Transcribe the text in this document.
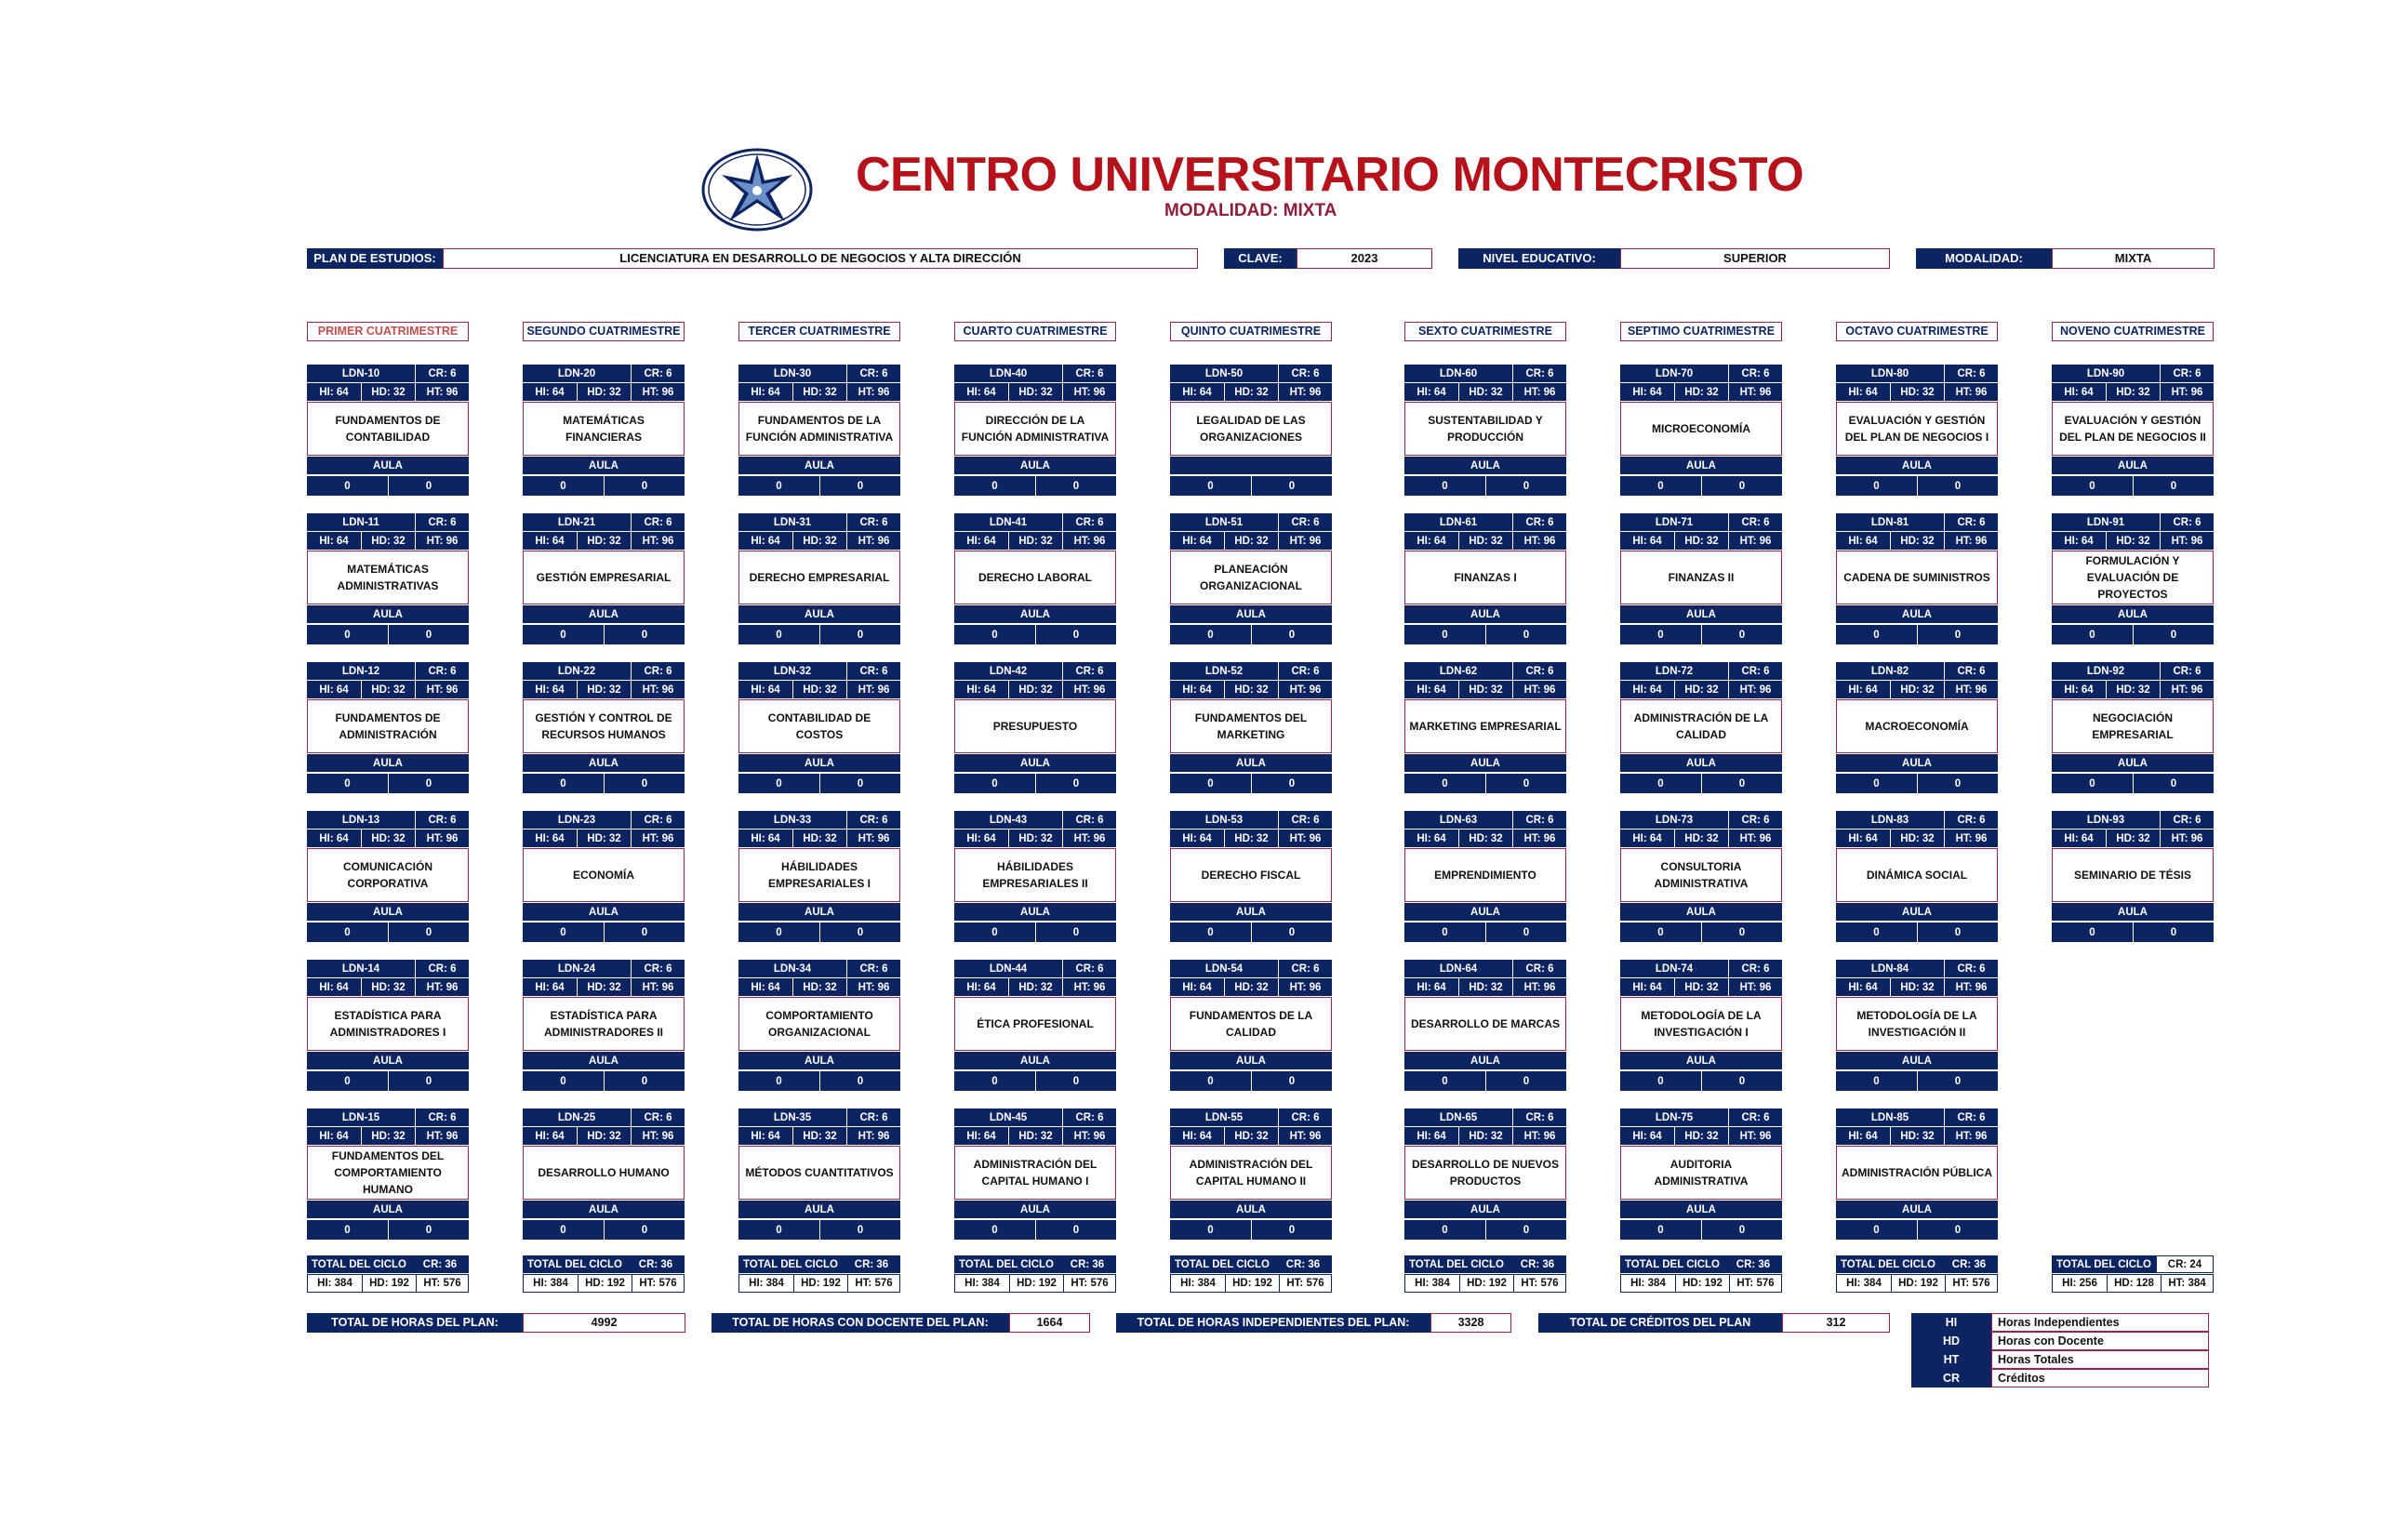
CENTRO UNIVERSITARIO MONTECRISTO
MODALIDAD: MIXTA
PLAN DE ESTUDIOS:	LICENCIATURA EN DESARROLLO DE NEGOCIOS Y ALTA DIRECCIÓN	CLAVE:	2023	NIVEL EDUCATIVO:	SUPERIOR	MODALIDAD:	MIXTA
PRIMER CUATRIMESTRE
LDN-10	CR: 6
HI: 64	HD: 32	HT: 96
FUNDAMENTOS DE CONTABILIDAD
AULA
0	0
LDN-11	CR: 6
HI: 64	HD: 32	HT: 96
MATEMÁTICAS ADMINISTRATIVAS
AULA
0	0
LDN-12	CR: 6
HI: 64	HD: 32	HT: 96
FUNDAMENTOS DE ADMINISTRACIÓN
AULA
0	0
LDN-13	CR: 6
HI: 64	HD: 32	HT: 96
COMUNICACIÓN CORPORATIVA
AULA
0	0
LDN-14	CR: 6
HI: 64	HD: 32	HT: 96
ESTADÍSTICA PARA ADMINISTRADORES I
AULA
0	0
LDN-15	CR: 6
HI: 64	HD: 32	HT: 96
FUNDAMENTOS DEL COMPORTAMIENTO HUMANO
AULA
0	0
TOTAL DEL CICLO	CR: 36
HI: 384	HD: 192	HT: 576
SEGUNDO CUATRIMESTRE
LDN-20	CR: 6
HI: 64	HD: 32	HT: 96
MATEMÁTICAS FINANCIERAS
AULA
0	0
LDN-21	CR: 6
HI: 64	HD: 32	HT: 96
GESTIÓN EMPRESARIAL
AULA
0	0
LDN-22	CR: 6
HI: 64	HD: 32	HT: 96
GESTIÓN Y CONTROL DE RECURSOS HUMANOS
AULA
0	0
LDN-23	CR: 6
HI: 64	HD: 32	HT: 96
ECONOMÍA
AULA
0	0
LDN-24	CR: 6
HI: 64	HD: 32	HT: 96
ESTADÍSTICA PARA ADMINISTRADORES II
AULA
0	0
LDN-25	CR: 6
HI: 64	HD: 32	HT: 96
DESARROLLO HUMANO
AULA
0	0
TOTAL DEL CICLO	CR: 36
HI: 384	HD: 192	HT: 576
TERCER CUATRIMESTRE
LDN-30	CR: 6
HI: 64	HD: 32	HT: 96
FUNDAMENTOS DE LA FUNCIÓN ADMINISTRATIVA
AULA
0	0
LDN-31	CR: 6
HI: 64	HD: 32	HT: 96
DERECHO EMPRESARIAL
AULA
0	0
LDN-32	CR: 6
HI: 64	HD: 32	HT: 96
CONTABILIDAD DE COSTOS
AULA
0	0
LDN-33	CR: 6
HI: 64	HD: 32	HT: 96
HÁBILIDADES EMPRESARIALES I
AULA
0	0
LDN-34	CR: 6
HI: 64	HD: 32	HT: 96
COMPORTAMIENTO ORGANIZACIONAL
AULA
0	0
LDN-35	CR: 6
HI: 64	HD: 32	HT: 96
MÉTODOS CUANTITATIVOS
AULA
0	0
TOTAL DEL CICLO	CR: 36
HI: 384	HD: 192	HT: 576
CUARTO CUATRIMESTRE
LDN-40	CR: 6
HI: 64	HD: 32	HT: 96
DIRECCIÓN DE LA FUNCIÓN ADMINISTRATIVA
AULA
0	0
LDN-41	CR: 6
HI: 64	HD: 32	HT: 96
DERECHO LABORAL
AULA
0	0
LDN-42	CR: 6
HI: 64	HD: 32	HT: 96
PRESUPUESTO
AULA
0	0
LDN-43	CR: 6
HI: 64	HD: 32	HT: 96
HÁBILIDADES EMPRESARIALES II
AULA
0	0
LDN-44	CR: 6
HI: 64	HD: 32	HT: 96
ÉTICA PROFESIONAL
AULA
0	0
LDN-45	CR: 6
HI: 64	HD: 32	HT: 96
ADMINISTRACIÓN DEL CAPITAL HUMANO I
AULA
0	0
TOTAL DEL CICLO	CR: 36
HI: 384	HD: 192	HT: 576
QUINTO CUATRIMESTRE
LDN-50	CR: 6
HI: 64	HD: 32	HT: 96
LEGALIDAD DE LAS ORGANIZACIONES
0	0
LDN-51	CR: 6
HI: 64	HD: 32	HT: 96
PLANEACIÓN ORGANIZACIONAL
AULA
0	0
LDN-52	CR: 6
HI: 64	HD: 32	HT: 96
FUNDAMENTOS DEL MARKETING
AULA
0	0
LDN-53	CR: 6
HI: 64	HD: 32	HT: 96
DERECHO FISCAL
AULA
0	0
LDN-54	CR: 6
HI: 64	HD: 32	HT: 96
FUNDAMENTOS DE LA CALIDAD
AULA
0	0
LDN-55	CR: 6
HI: 64	HD: 32	HT: 96
ADMINISTRACIÓN DEL CAPITAL HUMANO II
AULA
0	0
TOTAL DEL CICLO	CR: 36
HI: 384	HD: 192	HT: 576
SEXTO CUATRIMESTRE
LDN-60	CR: 6
HI: 64	HD: 32	HT: 96
SUSTENTABILIDAD Y PRODUCCIÓN
AULA
0	0
LDN-61	CR: 6
HI: 64	HD: 32	HT: 96
FINANZAS I
AULA
0	0
LDN-62	CR: 6
HI: 64	HD: 32	HT: 96
MARKETING EMPRESARIAL
AULA
0	0
LDN-63	CR: 6
HI: 64	HD: 32	HT: 96
EMPRENDIMIENTO
AULA
0	0
LDN-64	CR: 6
HI: 64	HD: 32	HT: 96
DESARROLLO DE MARCAS
AULA
0	0
LDN-65	CR: 6
HI: 64	HD: 32	HT: 96
DESARROLLO DE NUEVOS PRODUCTOS
AULA
0	0
TOTAL DEL CICLO	CR: 36
HI: 384	HD: 192	HT: 576
SEPTIMO CUATRIMESTRE
LDN-70	CR: 6
HI: 64	HD: 32	HT: 96
MICROECONOMÍA
AULA
0	0
LDN-71	CR: 6
HI: 64	HD: 32	HT: 96
FINANZAS II
AULA
0	0
LDN-72	CR: 6
HI: 64	HD: 32	HT: 96
ADMINISTRACIÓN DE LA CALIDAD
AULA
0	0
LDN-73	CR: 6
HI: 64	HD: 32	HT: 96
CONSULTORIA ADMINISTRATIVA
AULA
0	0
LDN-74	CR: 6
HI: 64	HD: 32	HT: 96
METODOLOGÍA DE LA INVESTIGACIÓN I
AULA
0	0
LDN-75	CR: 6
HI: 64	HD: 32	HT: 96
AUDITORIA ADMINISTRATIVA
AULA
0	0
TOTAL DEL CICLO	CR: 36
HI: 384	HD: 192	HT: 576
OCTAVO CUATRIMESTRE
LDN-80	CR: 6
HI: 64	HD: 32	HT: 96
EVALUACIÓN Y GESTIÓN DEL PLAN DE NEGOCIOS I
AULA
0	0
LDN-81	CR: 6
HI: 64	HD: 32	HT: 96
CADENA DE SUMINISTROS
AULA
0	0
LDN-82	CR: 6
HI: 64	HD: 32	HT: 96
MACROECONOMÍA
AULA
0	0
LDN-83	CR: 6
HI: 64	HD: 32	HT: 96
DINÁMICA SOCIAL
AULA
0	0
LDN-84	CR: 6
HI: 64	HD: 32	HT: 96
METODOLOGÍA DE LA INVESTIGACIÓN II
AULA
0	0
LDN-85	CR: 6
HI: 64	HD: 32	HT: 96
ADMINISTRACIÓN PÚBLICA
AULA
0	0
TOTAL DEL CICLO	CR: 36
HI: 384	HD: 192	HT: 576
NOVENO CUATRIMESTRE
LDN-90	CR: 6
HI: 64	HD: 32	HT: 96
EVALUACIÓN Y GESTIÓN DEL PLAN DE NEGOCIOS II
AULA
0	0
LDN-91	CR: 6
HI: 64	HD: 32	HT: 96
FORMULACIÓN Y EVALUACIÓN DE PROYECTOS
AULA
0	0
LDN-92	CR: 6
HI: 64	HD: 32	HT: 96
NEGOCIACIÓN EMPRESARIAL
AULA
0	0
LDN-93	CR: 6
HI: 64	HD: 32	HT: 96
SEMINARIO DE TÉSIS
AULA
0	0
TOTAL DEL CICLO	CR: 24
HI: 256	HD: 128	HT: 384
TOTAL DE HORAS DEL PLAN:	4992	TOTAL DE HORAS CON DOCENTE DEL PLAN:	1664	TOTAL DE HORAS INDEPENDIENTES DEL PLAN:	3328	TOTAL DE CRÉDITOS DEL PLAN	312	HI	Horas Independientes
HD	Horas con Docente
HT	Horas Totales
CR	Créditos
